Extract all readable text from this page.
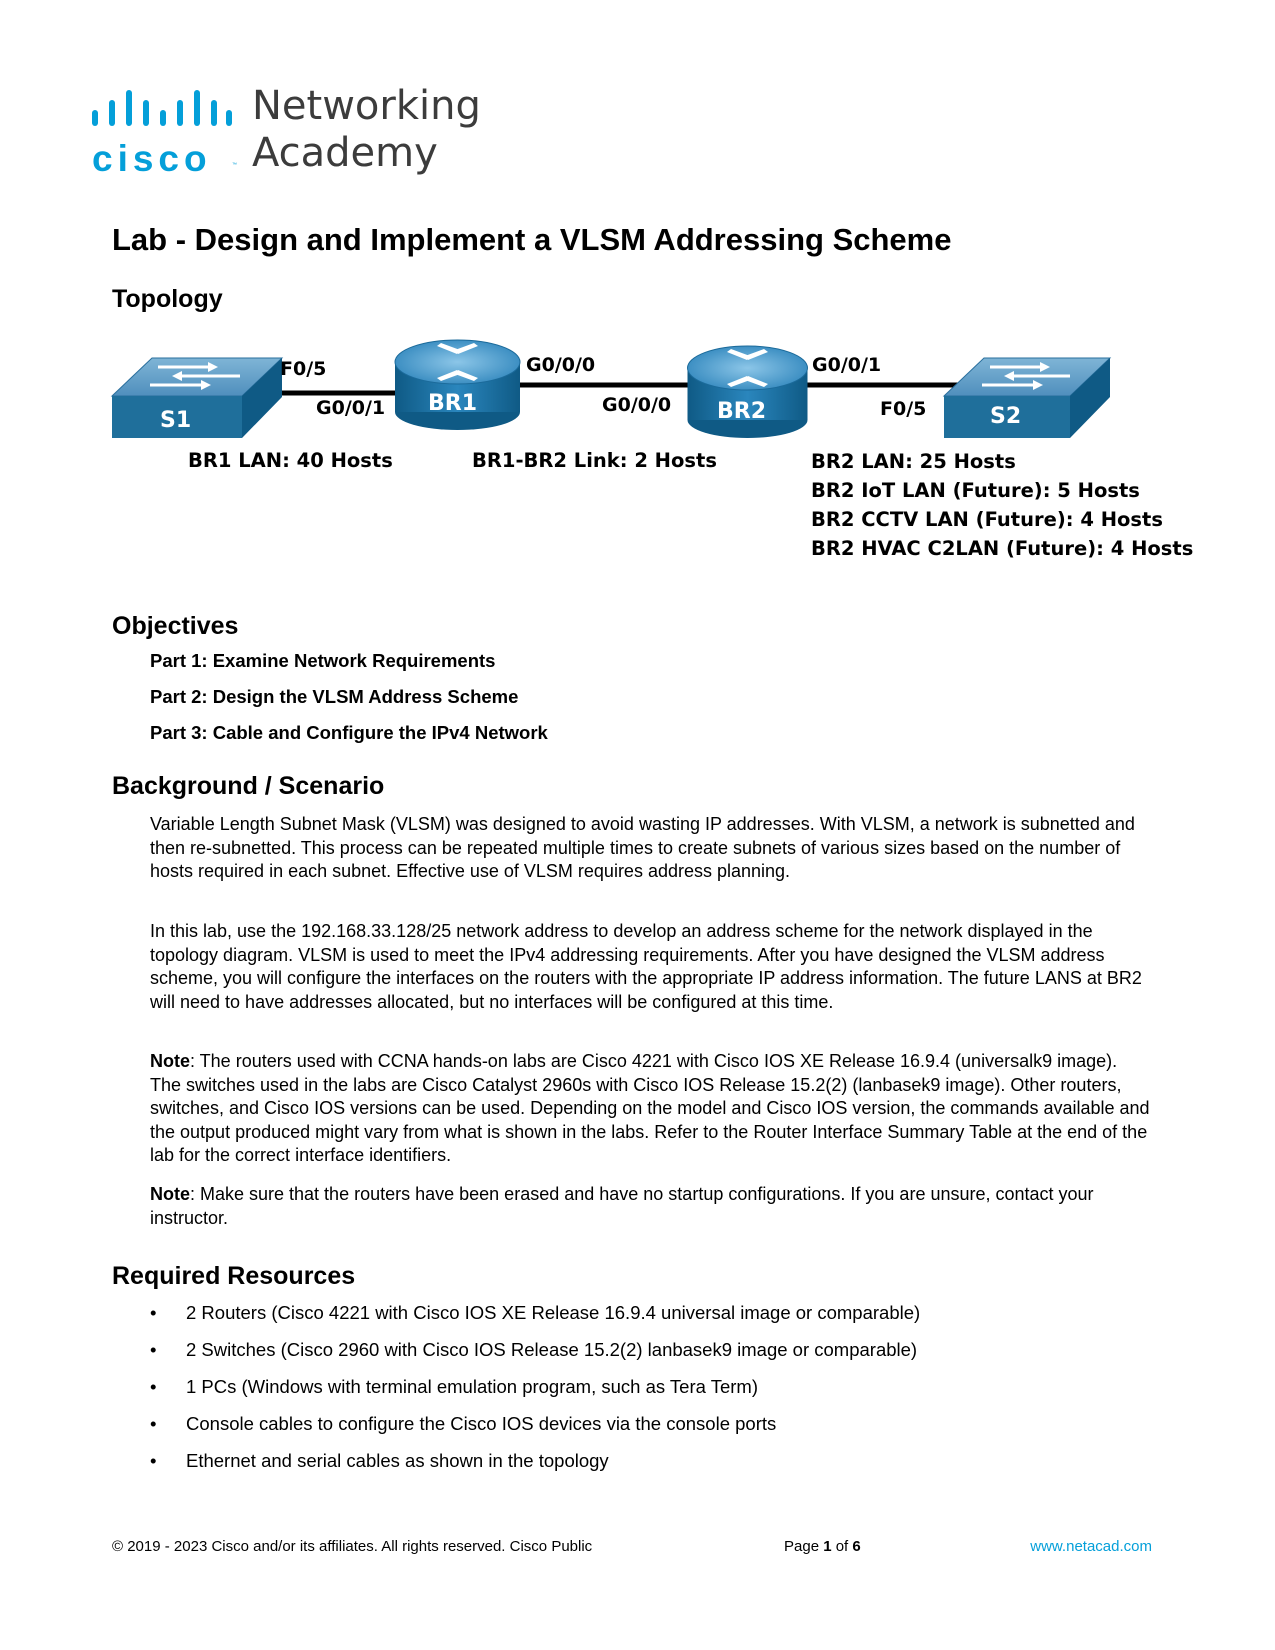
cisco	™
Networking
Academy
Lab - Design and Implement a VLSM Addressing Scheme
Topology
S1
BR1	BR2	S2
F0/5
G0/0/1
G0/0/0
G0/0/0
G0/0/1
F0/5
BR1 LAN: 40 Hosts	BR1-BR2 Link: 2 Hosts	BR2 LAN: 25 Hosts
BR2 IoT LAN (Future): 5 Hosts
BR2 CCTV LAN (Future): 4 Hosts
BR2 HVAC C2LAN (Future): 4 Hosts
Objectives
Part 1: Examine Network Requirements
Part 2: Design the VLSM Address Scheme
Part 3: Cable and Configure the IPv4 Network
Background / Scenario

Variable Length Subnet Mask (VLSM) was designed to avoid wasting IP addresses. With VLSM, a network is subnetted and then re-subnetted. This process can be repeated multiple times to create subnets of various sizes based on the number of hosts required in each subnet. Effective use of VLSM requires address planning.

In this lab, use the 192.168.33.128/25 network address to develop an address scheme for the network displayed in the topology diagram. VLSM is used to meet the IPv4 addressing requirements. After you have designed the VLSM address scheme, you will configure the interfaces on the routers with the appropriate IP address information. The future LANS at BR2 will need to have addresses allocated, but no interfaces will be configured at this time.

Note: The routers used with CCNA hands-on labs are Cisco 4221 with Cisco IOS XE Release 16.9.4 (universalk9 image). The switches used in the labs are Cisco Catalyst 2960s with Cisco IOS Release 15.2(2) (lanbasek9 image). Other routers, switches, and Cisco IOS versions can be used. Depending on the model and Cisco IOS version, the commands available and the output produced might vary from what is shown in the labs. Refer to the Router Interface Summary Table at the end of the lab for the correct interface identifiers.

Note: Make sure that the routers have been erased and have no startup configurations. If you are unsure, contact your instructor.

Required Resources
• 2 Routers (Cisco 4221 with Cisco IOS XE Release 16.9.4 universal image or comparable)
• 2 Switches (Cisco 2960 with Cisco IOS Release 15.2(2) lanbasek9 image or comparable)
• 1 PCs (Windows with terminal emulation program, such as Tera Term)
• Console cables to configure the Cisco IOS devices via the console ports
• Ethernet and serial cables as shown in the topology
© 2019 - 2023 Cisco and/or its affiliates. All rights reserved. Cisco Public	Page 1 of 6	www.netacad.com
